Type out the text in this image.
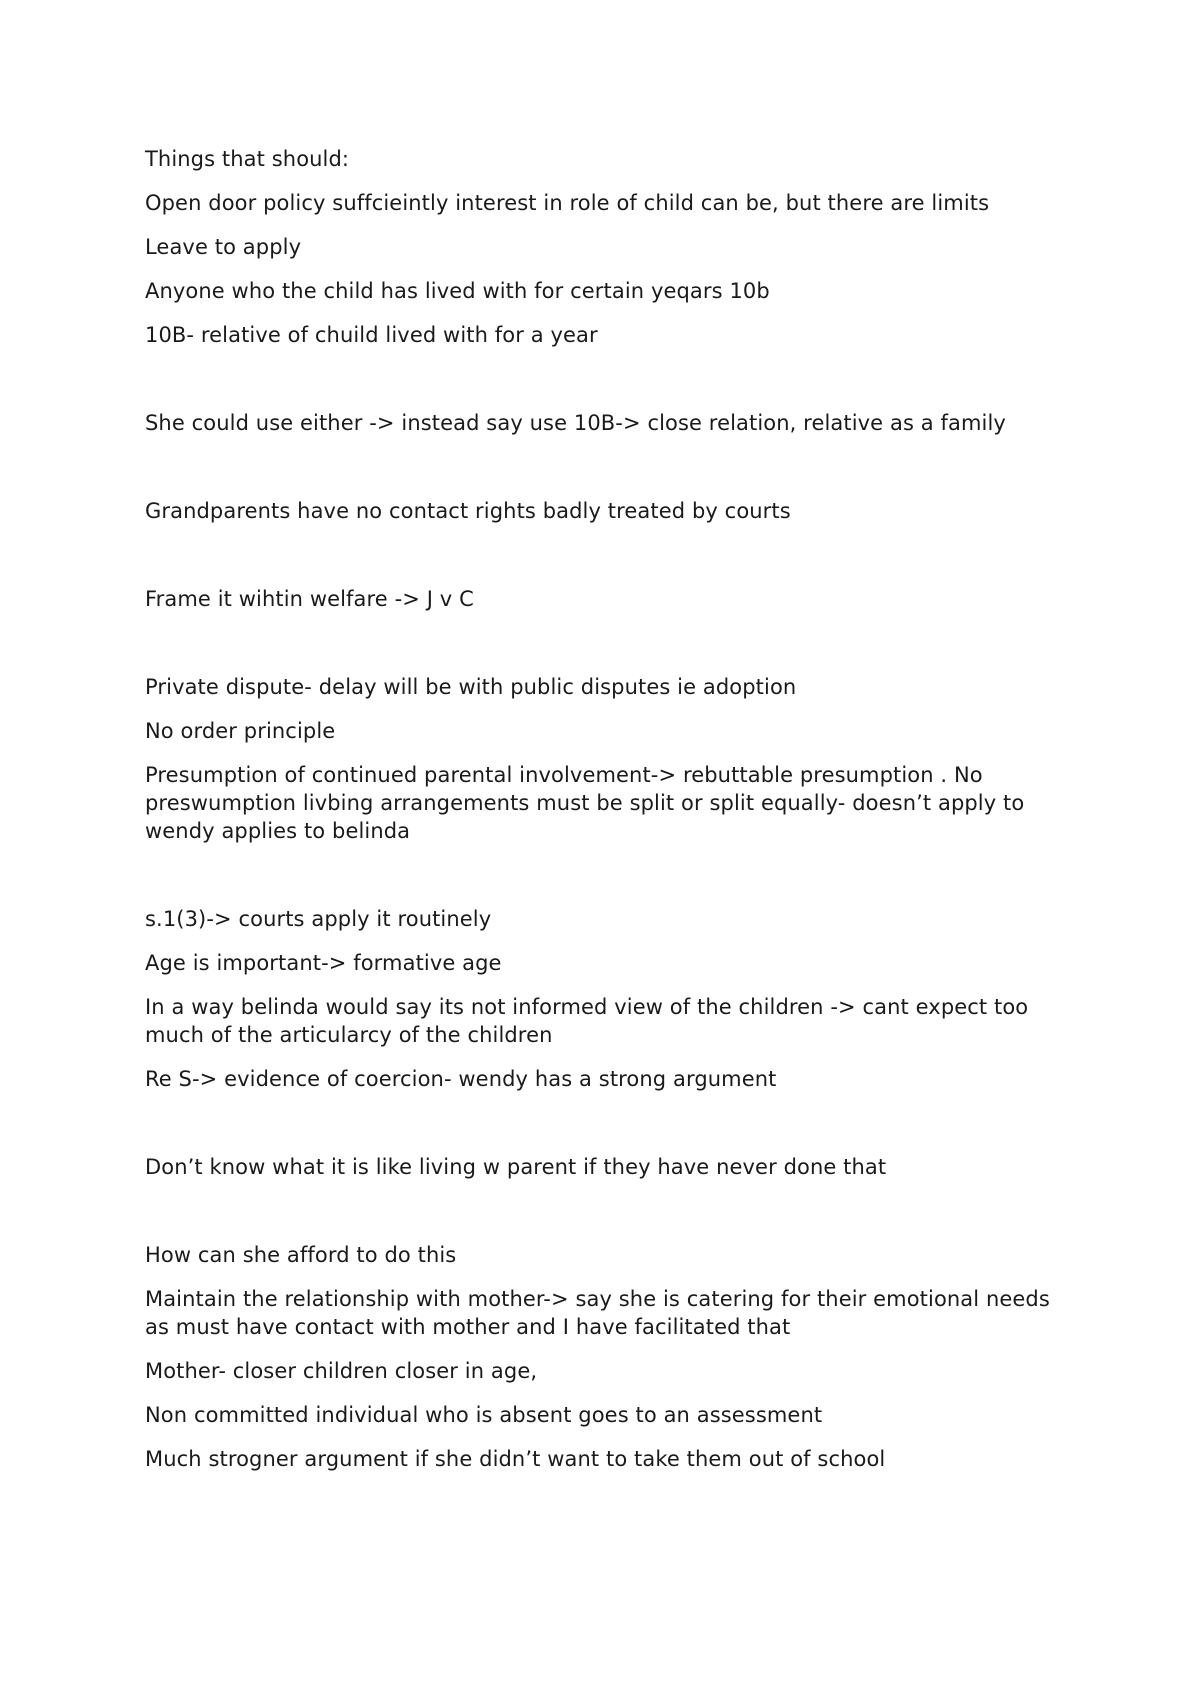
Things that should:

Open door policy suffcieintly interest in role of child can be, but there are limits

Leave to apply

Anyone who the child has lived with for certain yeqars 10b

10B- relative of chuild lived with for a year

She could use either -> instead say use 10B-> close relation, relative as a family

Grandparents have no contact rights badly treated by courts

Frame it wihtin welfare -> J v C

Private dispute- delay will be with public disputes ie adoption

No order principle

Presumption of continued parental involvement-> rebuttable presumption . No preswumption livbing arrangements must be split or split equally- doesn’t apply to wendy applies to belinda

s.1(3)-> courts apply it routinely

Age is important-> formative age

In a way belinda would say its not informed view of the children -> cant expect too much of the articularcy of the children

Re S-> evidence of coercion- wendy has a strong argument

Don’t know what it is like living w parent if they have never done that

How can she afford to do this

Maintain the relationship with mother-> say she is catering for their emotional needs as must have contact with mother and I have facilitated that

Mother- closer children closer in age,

Non committed individual who is absent goes to an assessment

Much strogner argument if she didn’t want to take them out of school
